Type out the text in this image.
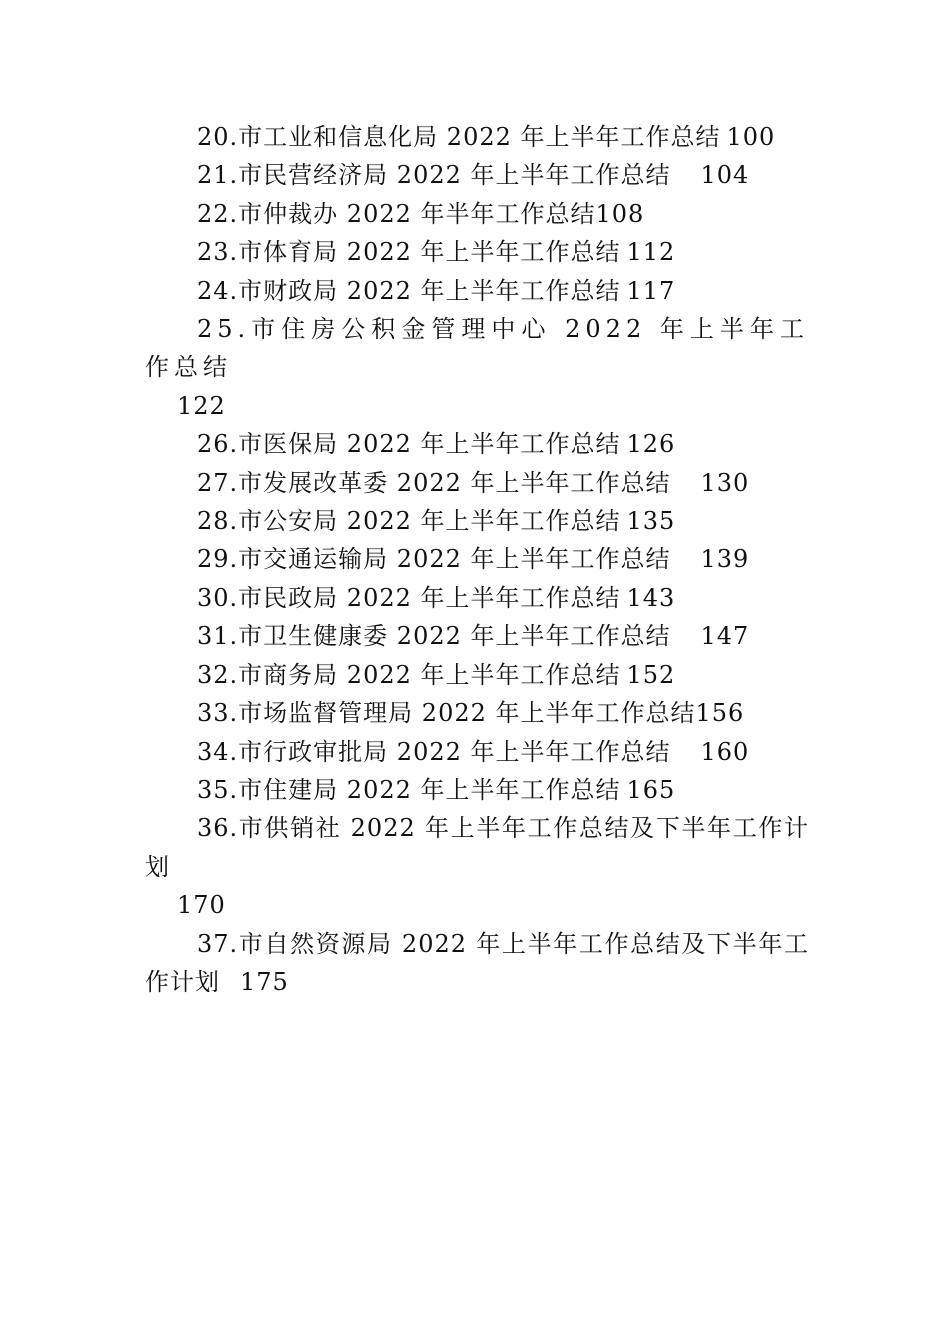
20.市工业和信息化局 2022 年上半年工作总结 100

21.市民营经济局 2022 年上半年工作总结 104

22.市仲裁办 2022 年半年工作总结108

23.市体育局 2022 年上半年工作总结 112

24.市财政局 2022 年上半年工作总结 117

25.市住房公积金管理中心 2022 年上半年工作总结
122

26.市医保局 2022 年上半年工作总结 126

27.市发展改革委 2022 年上半年工作总结 130

28.市公安局 2022 年上半年工作总结 135

29.市交通运输局 2022 年上半年工作总结 139

30.市民政局 2022 年上半年工作总结 143

31.市卫生健康委 2022 年上半年工作总结 147

32.市商务局 2022 年上半年工作总结 152

33.市场监督管理局 2022 年上半年工作总结156

34.市行政审批局 2022 年上半年工作总结 160

35.市住建局 2022 年上半年工作总结 165

36.市供销社 2022 年上半年工作总结及下半年工作计划
170

37.市自然资源局 2022 年上半年工作总结及下半年工作计划 175
